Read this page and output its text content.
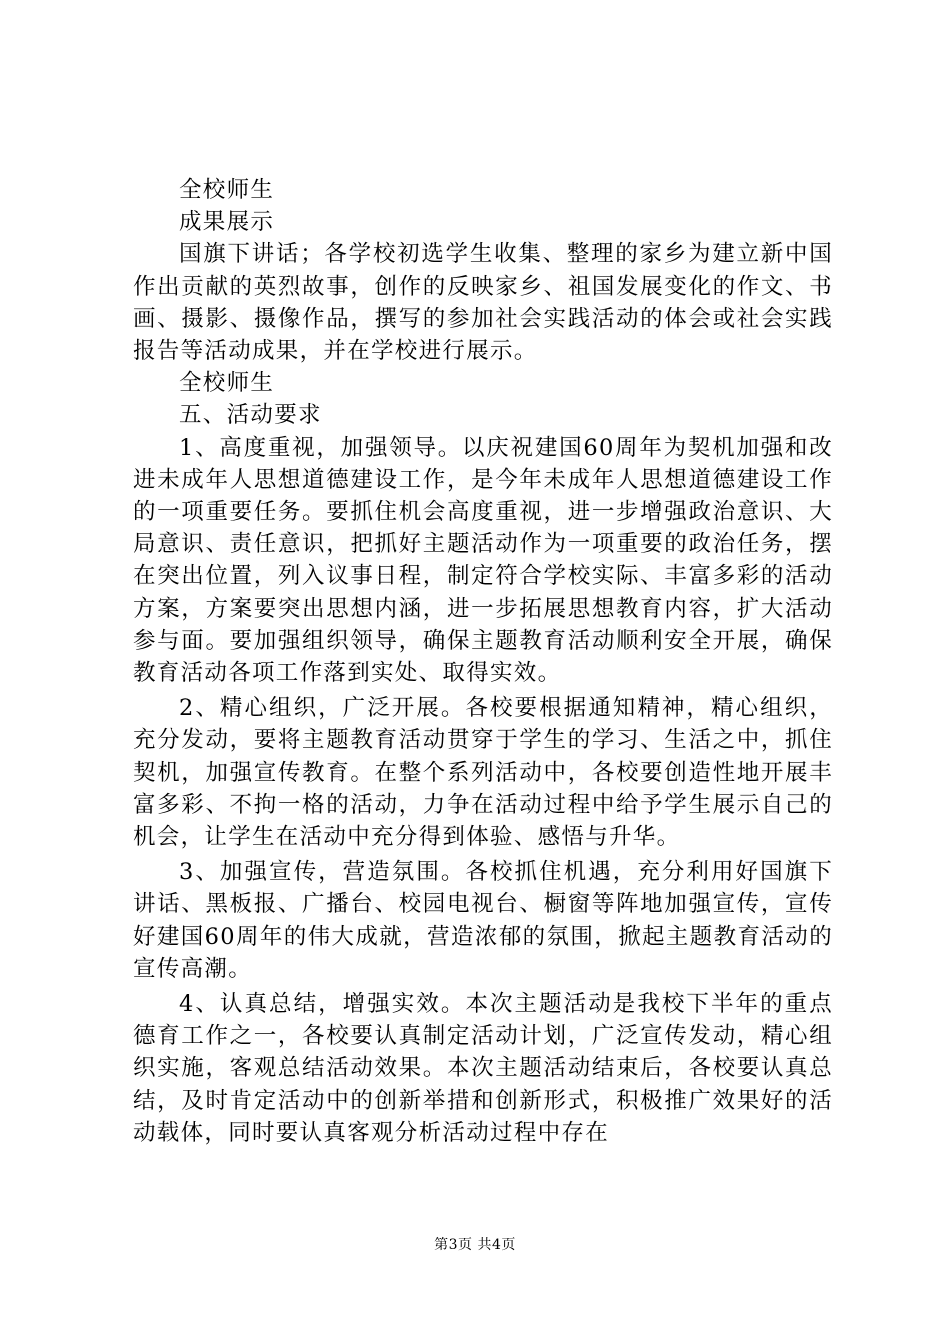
全校师生

成果展示

国旗下讲话；各学校初选学生收集、整理的家乡为建立新中国作出贡献的英烈故事，创作的反映家乡、祖国发展变化的作文、书画、摄影、摄像作品，撰写的参加社会实践活动的体会或社会实践报告等活动成果，并在学校进行展示。

全校师生

五、活动要求

1、高度重视，加强领导。以庆祝建国60周年为契机加强和改进未成年人思想道德建设工作，是今年未成年人思想道德建设工作的一项重要任务。要抓住机会高度重视，进一步增强政治意识、大局意识、责任意识，把抓好主题活动作为一项重要的政治任务，摆在突出位置，列入议事日程，制定符合学校实际、丰富多彩的活动方案，方案要突出思想内涵，进一步拓展思想教育内容，扩大活动参与面。要加强组织领导，确保主题教育活动顺利安全开展，确保教育活动各项工作落到实处、取得实效。

2、精心组织，广泛开展。各校要根据通知精神，精心组织，充分发动，要将主题教育活动贯穿于学生的学习、生活之中，抓住契机，加强宣传教育。在整个系列活动中，各校要创造性地开展丰富多彩、不拘一格的活动，力争在活动过程中给予学生展示自己的机会，让学生在活动中充分得到体验、感悟与升华。

3、加强宣传，营造氛围。各校抓住机遇，充分利用好国旗下讲话、黑板报、广播台、校园电视台、橱窗等阵地加强宣传，宣传好建国60周年的伟大成就，营造浓郁的氛围，掀起主题教育活动的宣传高潮。

4、认真总结，增强实效。本次主题活动是我校下半年的重点德育工作之一，各校要认真制定活动计划，广泛宣传发动，精心组织实施，客观总结活动效果。本次主题活动结束后，各校要认真总结，及时肯定活动中的创新举措和创新形式，积极推广效果好的活动载体，同时要认真客观分析活动过程中存在

第3页 共4页
